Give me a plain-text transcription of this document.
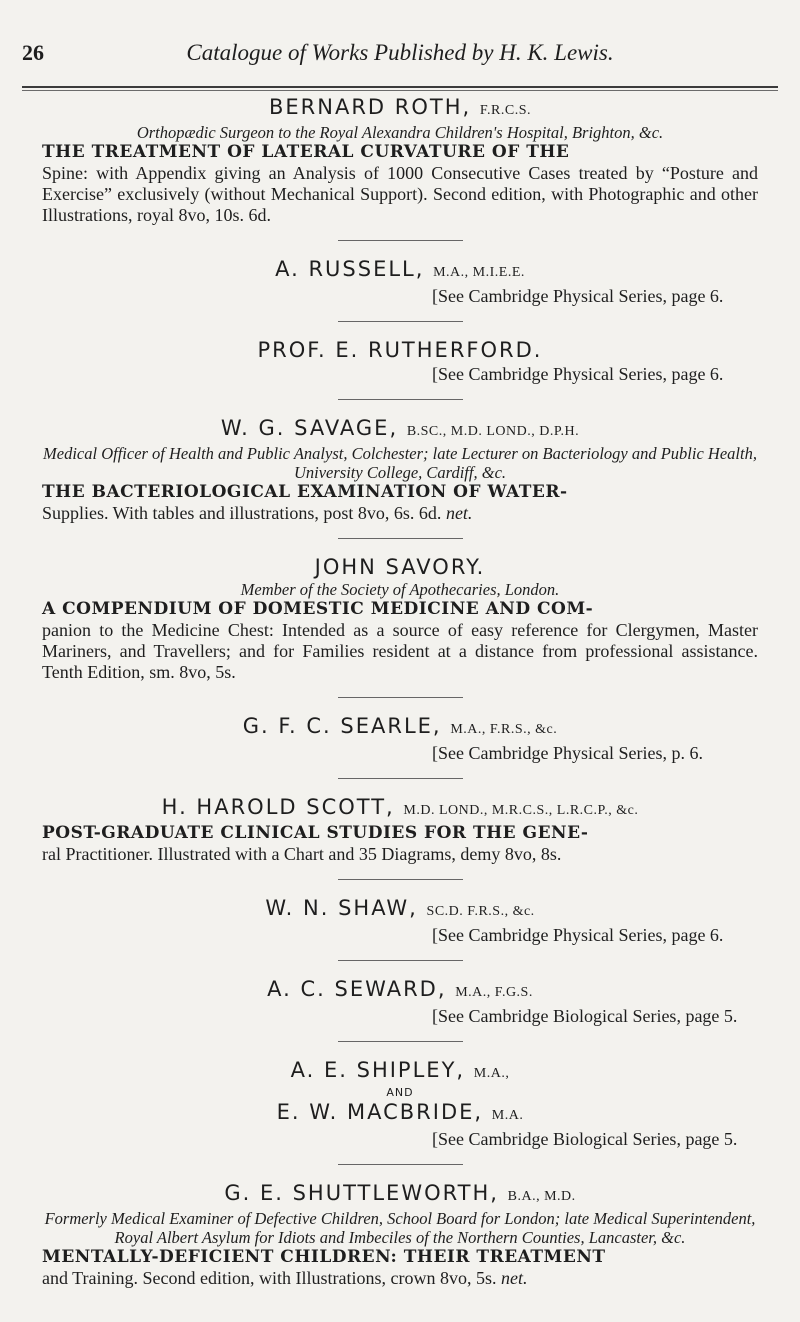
26	Catalogue of Works Published by H. K. Lewis.
BERNARD ROTH, F.R.C.S.
Orthopædic Surgeon to the Royal Alexandra Children's Hospital, Brighton, &c.
THE TREATMENT OF LATERAL CURVATURE OF THE
Spine: with Appendix giving an Analysis of 1000 Consecutive Cases treated by “Posture and Exercise” exclusively (without Mechanical Support). Second edition, with Photographic and other Illustrations, royal 8vo, 10s. 6d.
A. RUSSELL, M.A., M.I.E.E.
[See Cambridge Physical Series, page 6.
PROF. E. RUTHERFORD.
[See Cambridge Physical Series, page 6.
W. G. SAVAGE, B.SC., M.D. LOND., D.P.H.
Medical Officer of Health and Public Analyst, Colchester; late Lecturer on Bacteriology and Public Health, University College, Cardiff, &c.
THE BACTERIOLOGICAL EXAMINATION OF WATER-
Supplies. With tables and illustrations, post 8vo, 6s. 6d. net.
JOHN SAVORY.
Member of the Society of Apothecaries, London.
A COMPENDIUM OF DOMESTIC MEDICINE AND COM-
panion to the Medicine Chest: Intended as a source of easy reference for Clergymen, Master Mariners, and Travellers; and for Families resident at a distance from professional assistance. Tenth Edition, sm. 8vo, 5s.
G. F. C. SEARLE, M.A., F.R.S., &c.
[See Cambridge Physical Series, p. 6.
H. HAROLD SCOTT, M.D. LOND., M.R.C.S., L.R.C.P., &c.
POST-GRADUATE CLINICAL STUDIES FOR THE GENE-
ral Practitioner. Illustrated with a Chart and 35 Diagrams, demy 8vo, 8s.
W. N. SHAW, SC.D. F.R.S., &c.
[See Cambridge Physical Series, page 6.
A. C. SEWARD, M.A., F.G.S.
[See Cambridge Biological Series, page 5.
A. E. SHIPLEY, M.A.,
AND
E. W. MACBRIDE, M.A.
[See Cambridge Biological Series, page 5.
G. E. SHUTTLEWORTH, B.A., M.D.
Formerly Medical Examiner of Defective Children, School Board for London; late Medical Superintendent, Royal Albert Asylum for Idiots and Imbeciles of the Northern Counties, Lancaster, &c.
MENTALLY-DEFICIENT CHILDREN: THEIR TREATMENT
and Training. Second edition, with Illustrations, crown 8vo, 5s. net.
